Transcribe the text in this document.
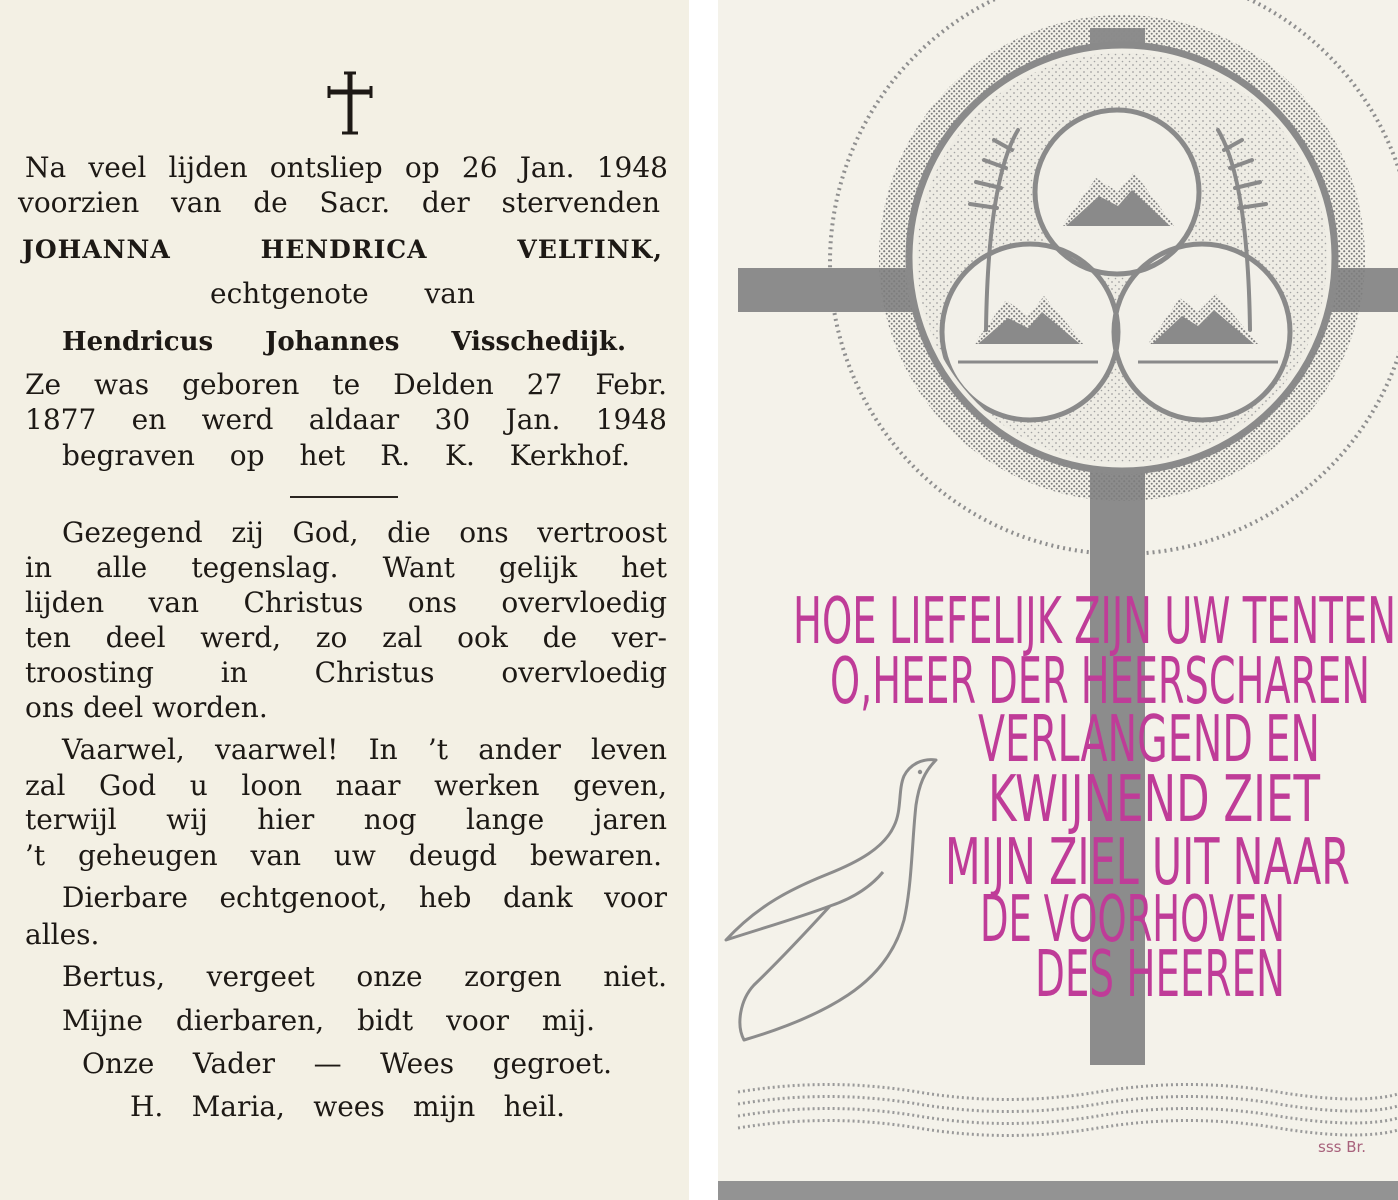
Na veel lijden ontsliep op 26 Jan. 1948
voorzien van de Sacr. der stervenden
JOHANNA HENDRICA VELTINK,
echtgenote van
Hendricus Johannes Visschedijk.
Ze was geboren te Delden 27 Febr.
1877 en werd aldaar 30 Jan. 1948
begraven op het R. K. Kerkhof.
Gezegend zij God, die ons vertroost
in alle tegenslag. Want gelijk het
lijden van Christus ons overvloedig
ten deel werd, zo zal ook de ver-
troosting in Christus overvloedig
ons deel worden.
Vaarwel, vaarwel! In ’t ander leven
zal God u loon naar werken geven,
terwijl wij hier nog lange jaren
’t geheugen van uw deugd bewaren.
Dierbare echtgenoot, heb dank voor
alles.
Bertus, vergeet onze zorgen niet.
Mijne dierbaren, bidt voor mij.
Onze Vader — Wees gegroet.
H. Maria, wees mijn heil.
HOE LIEFELIJK ZIJN UW TENTEN
O,HEER DER HEERSCHAREN
VERLANGEND EN
KWIJNEND ZIET
MIJN ZIEL UIT NAAR
DE VOORHOVEN
DES HEEREN
sss Br.
